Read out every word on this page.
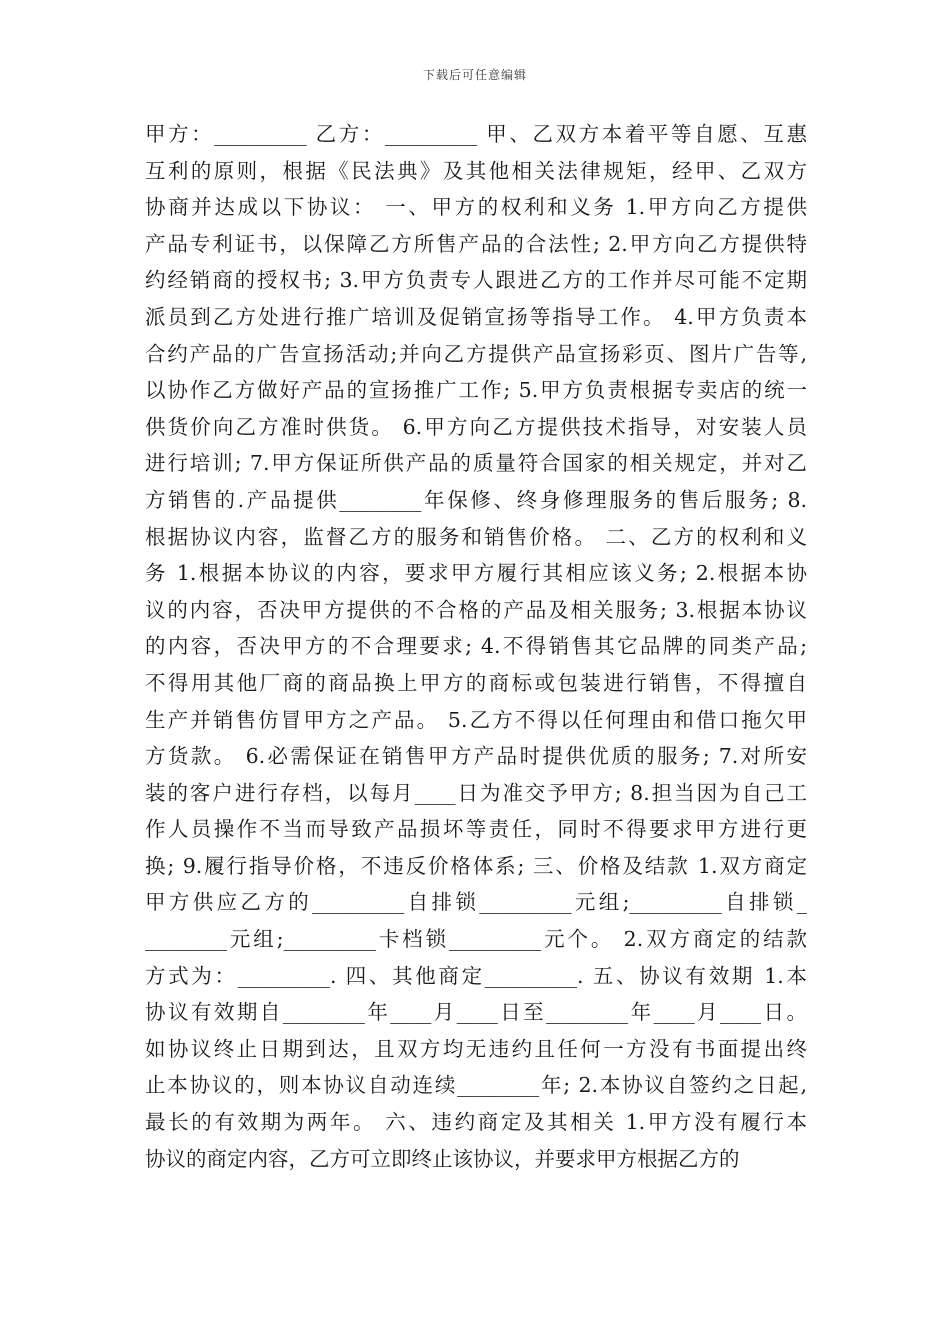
下载后可任意编辑
甲方：_________ 乙方：_________ 甲、乙双方本着平等自愿、互惠
互利的原则，根据《民法典》及其他相关法律规矩，经甲、乙双方
协商并达成以下协议： 一、甲方的权利和义务 1.甲方向乙方提供
产品专利证书，以保障乙方所售产品的合法性; 2.甲方向乙方提供特
约经销商的授权书; 3.甲方负责专人跟进乙方的工作并尽可能不定期
派员到乙方处进行推广培训及促销宣扬等指导工作。 4.甲方负责本
合约产品的广告宣扬活动;并向乙方提供产品宣扬彩页、图片广告等,
以协作乙方做好产品的宣扬推广工作; 5.甲方负责根据专卖店的统一
供货价向乙方准时供货。 6.甲方向乙方提供技术指导，对安装人员
进行培训; 7.甲方保证所供产品的质量符合国家的相关规定，并对乙
方销售的.产品提供________年保修、终身修理服务的售后服务; 8.
根据协议内容，监督乙方的服务和销售价格。 二、乙方的权利和义
务 1.根据本协议的内容，要求甲方履行其相应该义务; 2.根据本协
议的内容，否决甲方提供的不合格的产品及相关服务; 3.根据本协议
的内容，否决甲方的不合理要求; 4.不得销售其它品牌的同类产品;
不得用其他厂商的商品换上甲方的商标或包装进行销售，不得擅自
生产并销售仿冒甲方之产品。 5.乙方不得以任何理由和借口拖欠甲
方货款。 6.必需保证在销售甲方产品时提供优质的服务; 7.对所安
装的客户进行存档，以每月____日为准交予甲方; 8.担当因为自己工
作人员操作不当而导致产品损坏等责任，同时不得要求甲方进行更
换; 9.履行指导价格，不违反价格体系; 三、价格及结款 1.双方商定
甲方供应乙方的_________自排锁_________元组;_________自排锁_
________元组;_________卡档锁_________元个。 2.双方商定的结款
方式为：_________. 四、其他商定_________. 五、协议有效期 1.本
协议有效期自________年____月____日至________年____月____日。
如协议终止日期到达，且双方均无违约且任何一方没有书面提出终
止本协议的，则本协议自动连续________年; 2.本协议自签约之日起,
最长的有效期为两年。 六、违约商定及其相关 1.甲方没有履行本
协议的商定内容，乙方可立即终止该协议，并要求甲方根据乙方的
